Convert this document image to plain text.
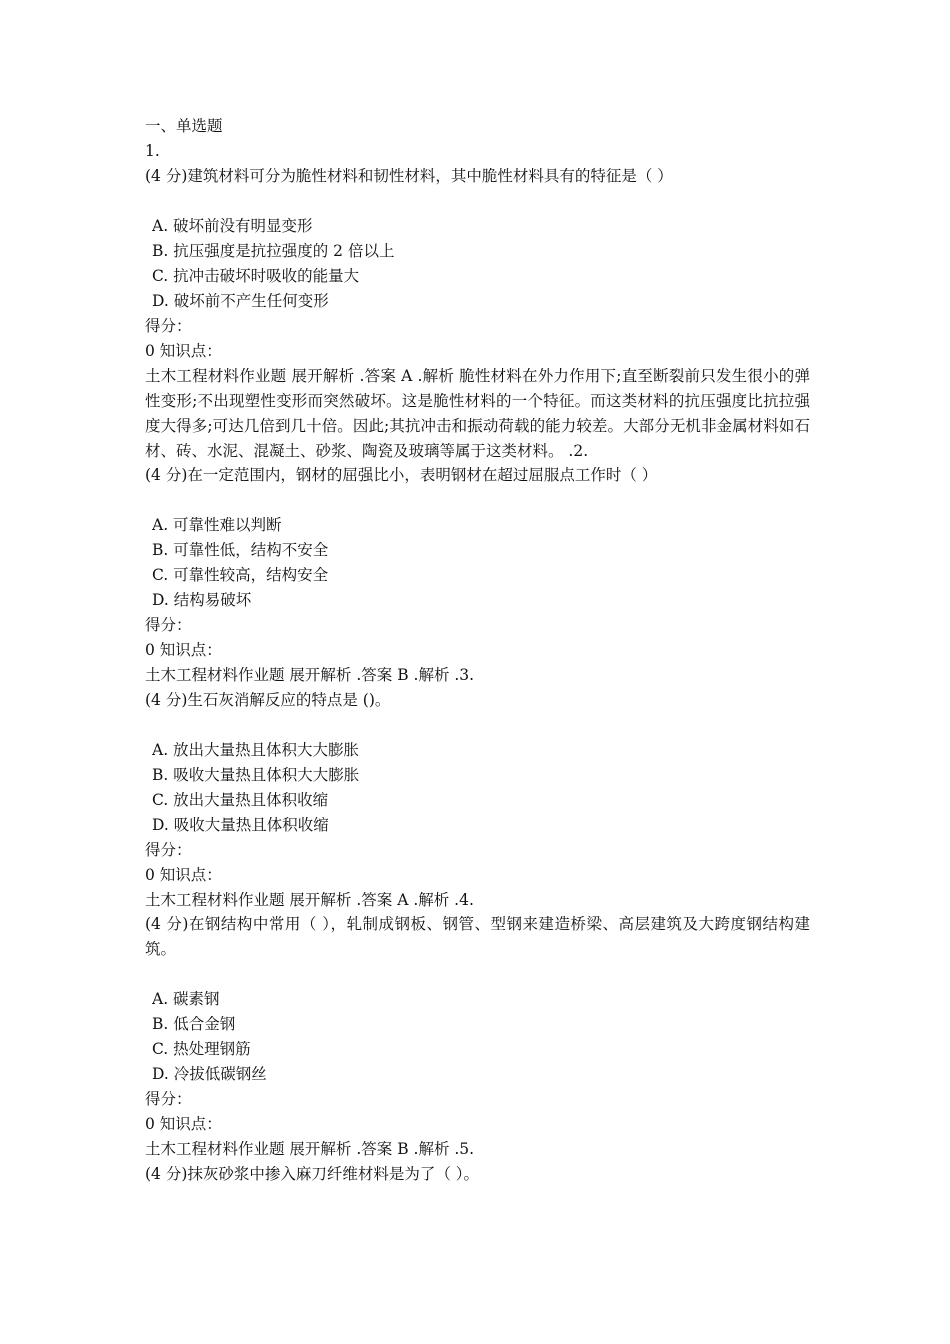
一、单选题
1.
(4 分)建筑材料可分为脆性材料和韧性材料，其中脆性材料具有的特征是（ ）
A. 破坏前没有明显变形
B. 抗压强度是抗拉强度的 2 倍以上
C. 抗冲击破坏时吸收的能量大
D. 破坏前不产生任何变形
得分：
0 知识点：
土木工程材料作业题 展开解析 .答案 A .解析 脆性材料在外力作用下;直至断裂前只发生很小的弹性变形;不出现塑性变形而突然破坏。这是脆性材料的一个特征。而这类材料的抗压强度比抗拉强度大得多;可达几倍到几十倍。因此;其抗冲击和振动荷载的能力较差。大部分无机非金属材料如石材、砖、水泥、混凝土、砂浆、陶瓷及玻璃等属于这类材料。 .2.
(4 分)在一定范围内，钢材的屈强比小，表明钢材在超过屈服点工作时（ ）
A. 可靠性难以判断
B. 可靠性低，结构不安全
C. 可靠性较高，结构安全
D. 结构易破坏
得分：
0 知识点：
土木工程材料作业题 展开解析 .答案 B .解析 .3.
(4 分)生石灰消解反应的特点是 ()。
A. 放出大量热且体积大大膨胀
B. 吸收大量热且体积大大膨胀
C. 放出大量热且体积收缩
D. 吸收大量热且体积收缩
得分：
0 知识点：
土木工程材料作业题 展开解析 .答案 A .解析 .4.
(4 分)在钢结构中常用（ ），轧制成钢板、钢管、型钢来建造桥梁、高层建筑及大跨度钢结构建筑。
A. 碳素钢
B. 低合金钢
C. 热处理钢筋
D. 冷拔低碳钢丝
得分：
0 知识点：
土木工程材料作业题 展开解析 .答案 B .解析 .5.
(4 分)抹灰砂浆中掺入麻刀纤维材料是为了（ ）。
